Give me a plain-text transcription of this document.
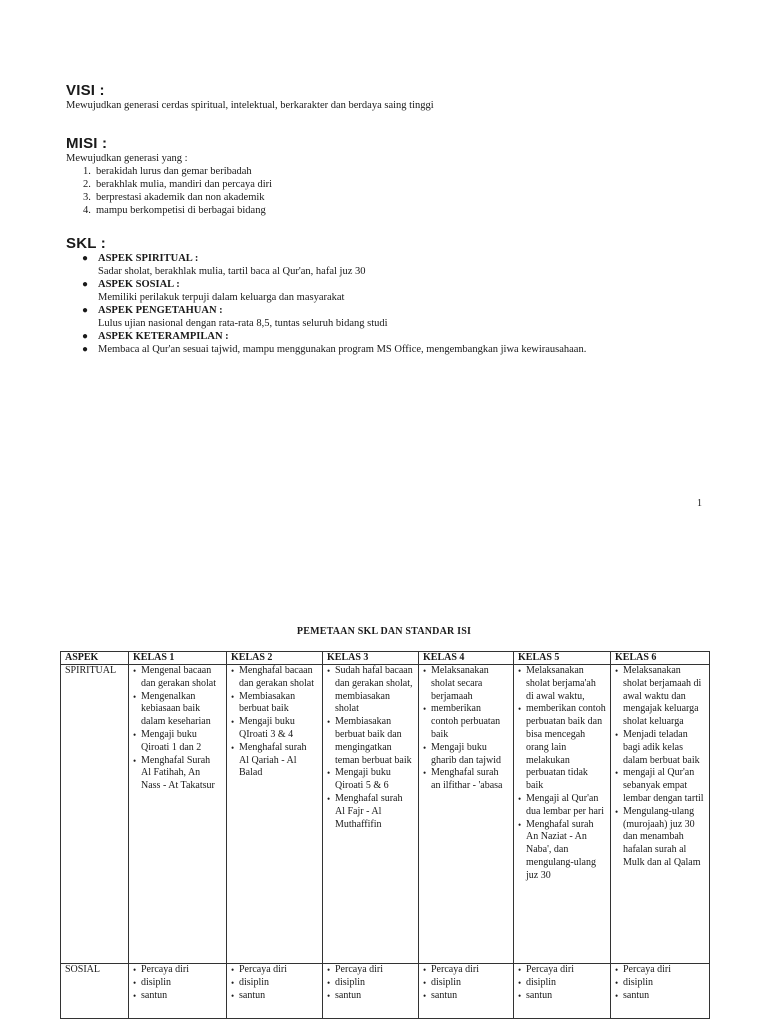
VISI :
Mewujudkan generasi cerdas spiritual, intelektual, berkarakter dan berdaya saing tinggi
MISI :
Mewujudkan generasi yang :
1. berakidah lurus dan gemar beribadah
2. berakhlak mulia, mandiri dan percaya diri
3. berprestasi akademik dan non akademik
4. mampu berkompetisi di berbagai bidang
SKL :
● ASPEK SPIRITUAL :
Sadar sholat, berakhlak mulia, tartil baca al Qur'an, hafal juz 30
● ASPEK SOSIAL :
Memiliki perilakuk terpuji dalam keluarga dan masyarakat
● ASPEK PENGETAHUAN :
Lulus ujian nasional dengan rata-rata 8,5, tuntas seluruh bidang studi
● ASPEK KETERAMPILAN :
● Membaca al Qur'an sesuai tajwid, mampu menggunakan program MS Office, mengembangkan jiwa kewirausahaan.
1
PEMETAAN SKL DAN STANDAR ISI
ASPEK	KELAS 1	KELAS 2	KELAS 3	KELAS 4	KELAS 5	KELAS 6
SPIRITUAL	
•Mengenal bacaan dan gerakan sholat
• Mengenalkan kebiasaan baik dalam keseharian
• Mengaji buku Qiroati 1 dan 2
• Menghafal Surah Al Fatihah, An Nass - At Takatsur

• Menghafal bacaan dan gerakan sholat
• Membiasakan berbuat baik
• Mengaji buku QIroati 3 & 4
• Menghafal surah Al Qariah - Al Balad

• Sudah hafal bacaan dan gerakan sholat, membiasakan sholat
• Membiasakan berbuat baik dan mengingatkan teman berbuat baik
• Mengaji buku Qiroati 5 & 6
• Menghafal surah Al Fajr - Al Muthaffifin

• Melaksanakan sholat secara berjamaah
• memberikan contoh perbuatan baik
• Mengaji buku gharib dan tajwid
• Menghafal surah an ilfithar - 'abasa

• Melaksanakan sholat berjama'ah di awal waktu,
• memberikan contoh perbuatan baik dan bisa mencegah orang lain melakukan perbuatan tidak baik
• Mengaji al Qur'an dua lembar per hari
• Menghafal surah An Naziat - An Naba', dan mengulang-ulang juz 30

• Melaksanakan sholat berjamaah di awal waktu dan mengajak keluarga sholat keluarga
• Menjadi teladan bagi adik kelas dalam berbuat baik
• mengaji al Qur'an sebanyak empat lembar dengan tartil
• Mengulang-ulang (murojaah) juz 30 dan menambah hafalan surah al Mulk dan al Qalam

SOSIAL	
•Percaya diri
• disiplin
• santun

• Percaya diri
• disiplin
• santun

• Percaya diri
• disiplin
• santun

• Percaya diri
• disiplin
• santun

• Percaya diri
• disiplin
• santun

• Percaya diri
• disiplin
• santun
